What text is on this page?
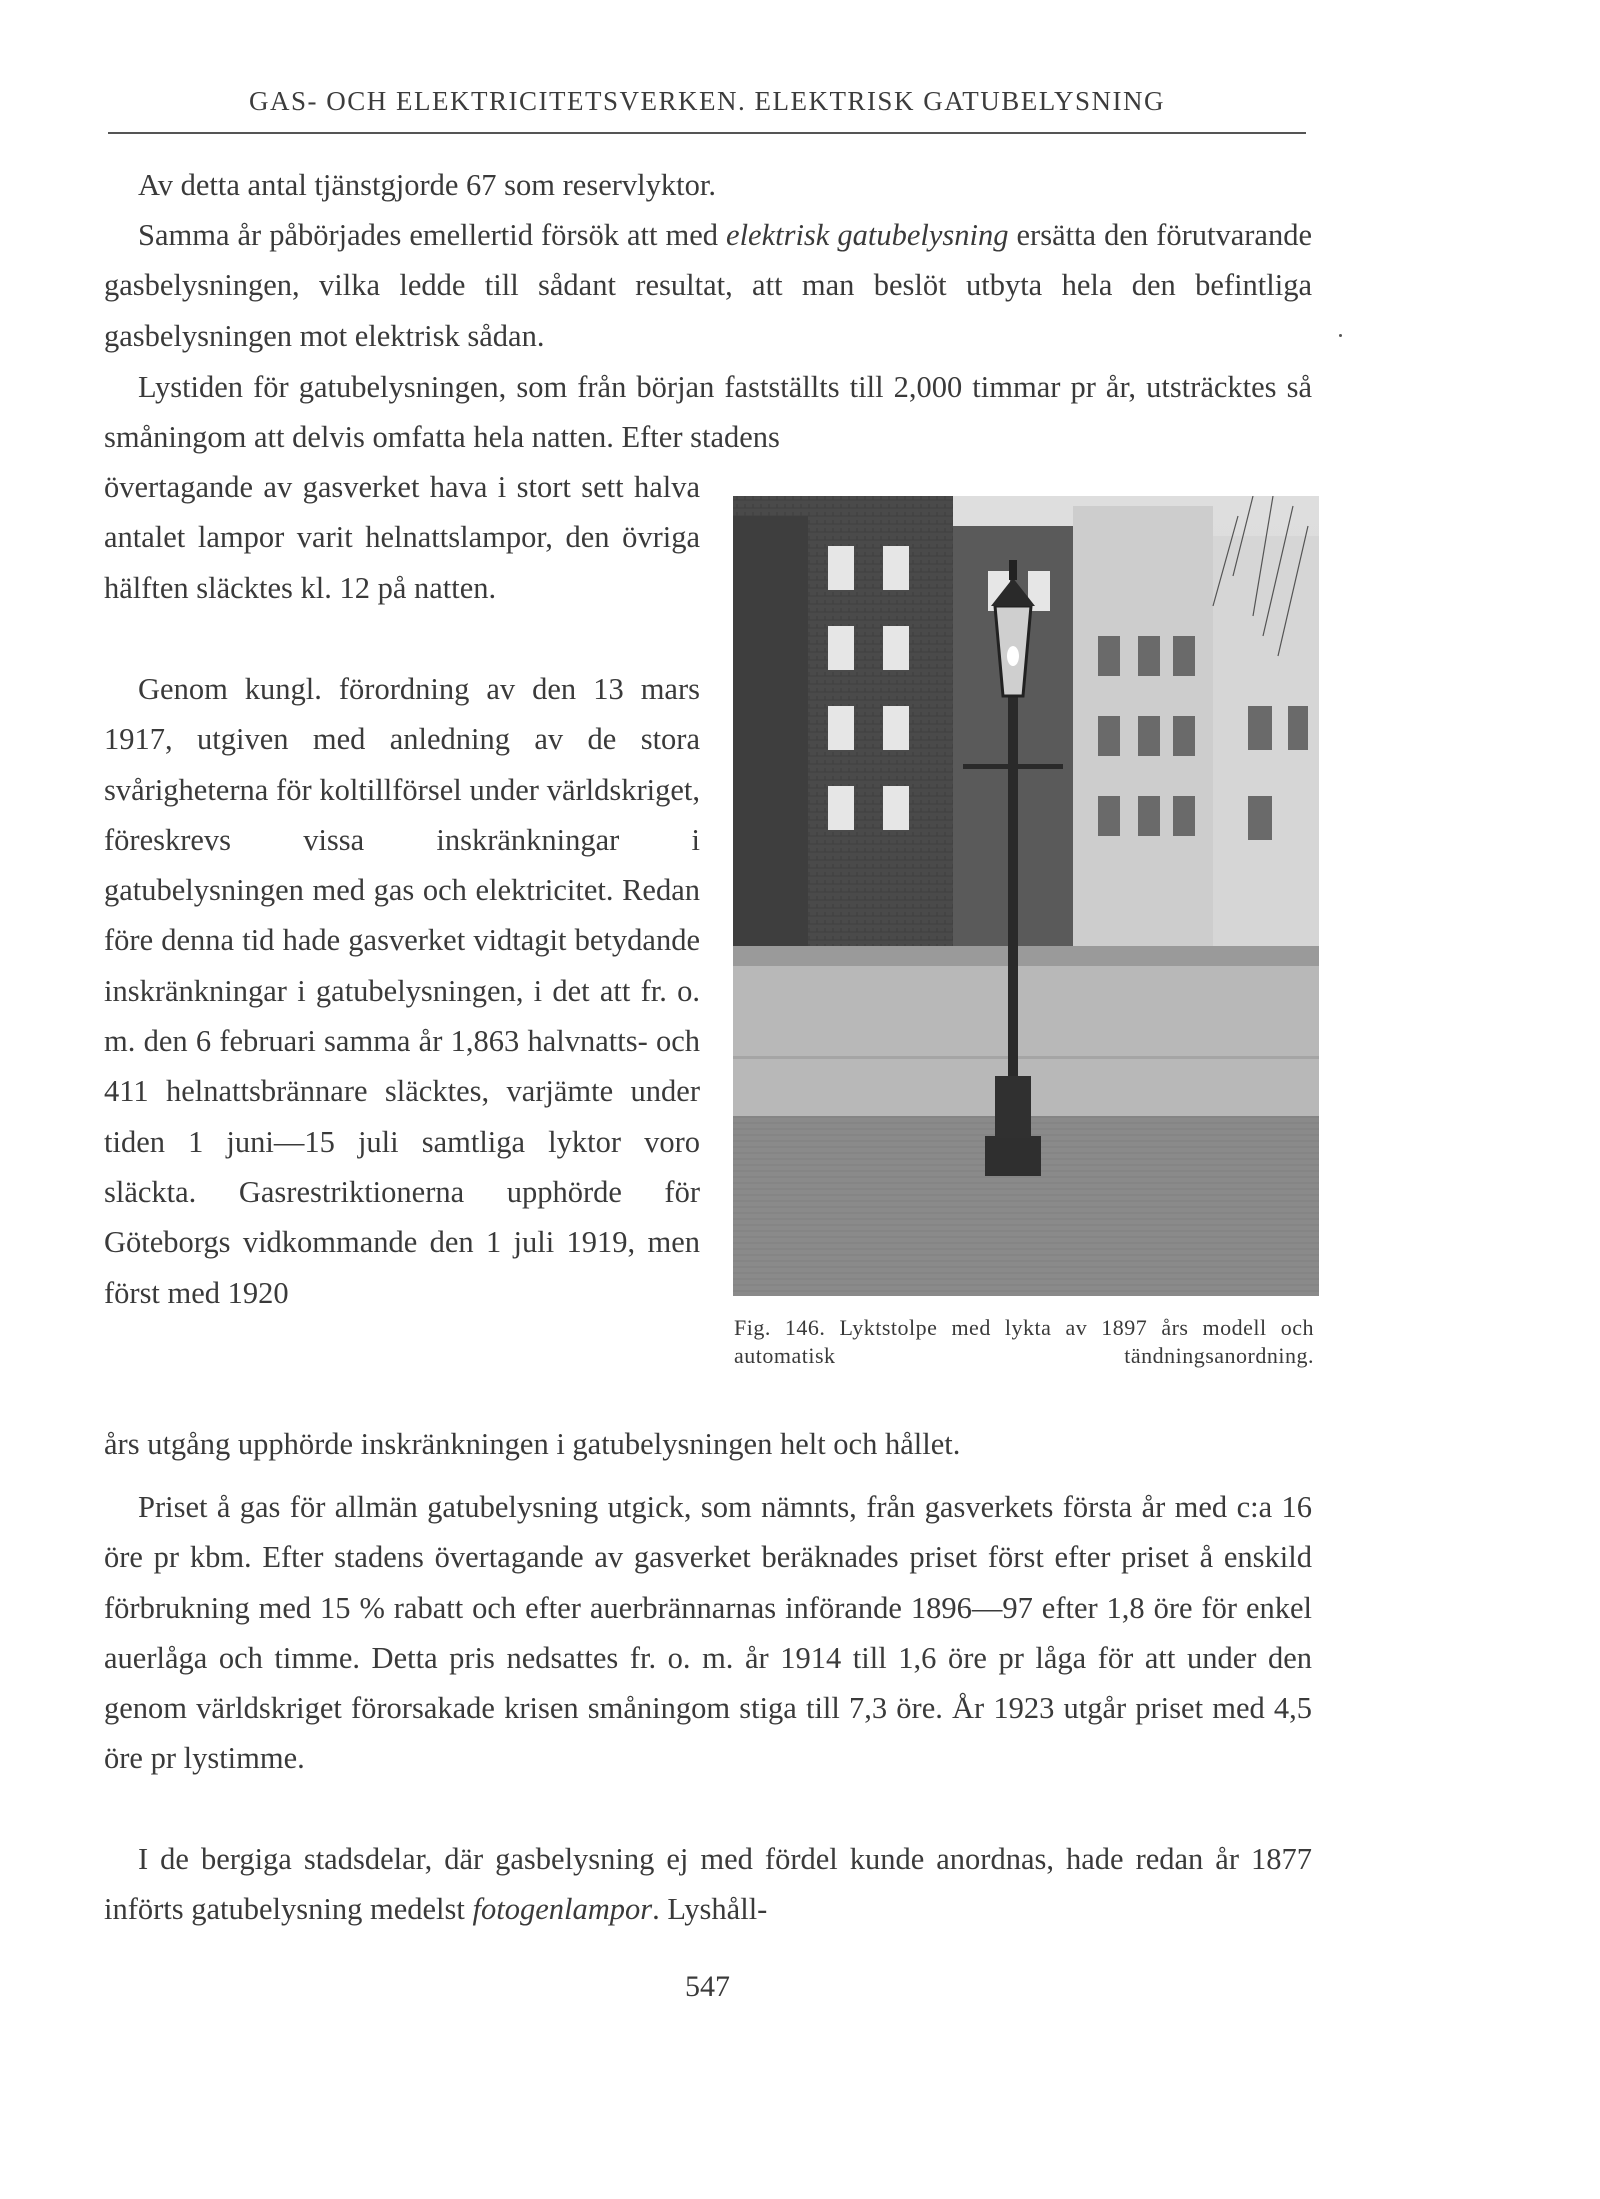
GAS- OCH ELEKTRICITETSVERKEN. ELEKTRISK GATUBELYSNING

Av detta antal tjänstgjorde 67 som reservlyktor.

Samma år påbörjades emellertid försök att med elektrisk gatubelysning ersätta den förutvarande gasbelysningen, vilka ledde till sådant resultat, att man beslöt utbyta hela den befintliga gasbelysningen mot elektrisk sådan.

Lystiden för gatubelysningen, som från början fastställts till 2,000 timmar pr år, utsträcktes så småningom att delvis omfatta hela natten. Efter stadens

övertagande av gasverket hava i stort sett halva antalet lampor varit helnattslampor, den övriga hälften släcktes kl. 12 på natten.

Genom kungl. förordning av den 13 mars 1917, utgiven med anledning av de stora svårigheterna för koltillförsel under världskriget, föreskrevs vissa inskränkningar i gatubelysningen med gas och elektricitet. Redan före denna tid hade gasverket vidtagit betydande inskränkningar i gatubelysningen, i det att fr. o. m. den 6 februari samma år 1,863 halvnatts- och 411 helnattsbrännare släcktes, varjämte under tiden 1 juni—15 juli samtliga lyktor voro släckta. Gasrestriktionerna upphörde för Göteborgs vidkommande den 1 juli 1919, men först med 1920

års utgång upphörde inskränkningen i gatubelysningen helt och hållet.

Fig. 146. Lyktstolpe med lykta av 1897 års modell och automatisk tändningsanordning.

Priset å gas för allmän gatubelysning utgick, som nämnts, från gasverkets första år med c:a 16 öre pr kbm. Efter stadens övertagande av gasverket beräknades priset först efter priset å enskild förbrukning med 15 % rabatt och efter auerbrännarnas införande 1896—97 efter 1,8 öre för enkel auerlåga och timme. Detta pris nedsattes fr. o. m. år 1914 till 1,6 öre pr låga för att under den genom världskriget förorsakade krisen småningom stiga till 7,3 öre. År 1923 utgår priset med 4,5 öre pr lystimme.

I de bergiga stadsdelar, där gasbelysning ej med fördel kunde anordnas, hade redan år 1877 införts gatubelysning medelst fotogenlampor. Lyshåll-

547
